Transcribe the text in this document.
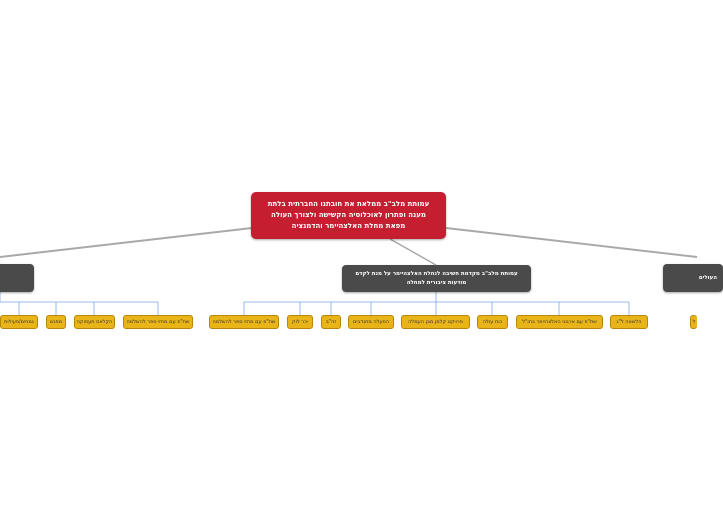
עמותת מלב"ב ממלאת את חובתנו החברתית בלתת
מענה ופתרון לאוכלוסיה הקשישה ולצורך העולה
מפאת מחלת האלצהיימר והדמנציה
עמותת מלב"ב מקדמת חשיבה לנחלת האלצהיימר על מנת לקדם
מודעות ציבורית למחלה
העולים
גמחים/פעילות	מפגש	הקלאס תעסוקה	שת"פ עם מחזי ספר להשלמה	שת"פ עם מחזי ספר להשלמה	יכר לוק	זה"ב	הפעלה מתנדבים	פרויקט קלמן מבן העמלה	כוח עולה	שת"פ עם ארגוני האלצהיימר בחו"ל	הלשאה ל"ג	ל
